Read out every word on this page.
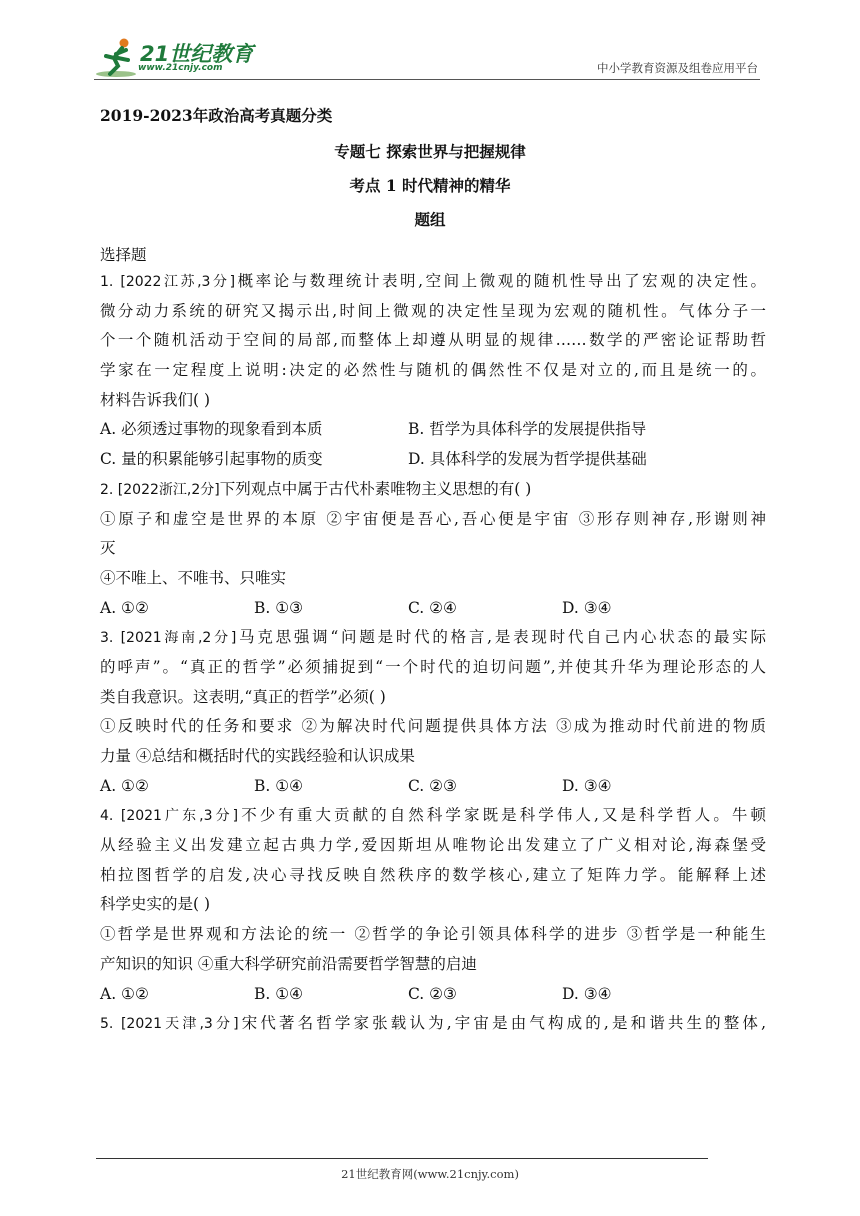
21世纪教育
www.21cnjy.com	中小学教育资源及组卷应用平台
2019-2023年政治高考真题分类
专题七 探索世界与把握规律
考点 1 时代精神的精华
题组
选择题
1. [2022江苏,3分]概率论与数理统计表明,空间上微观的随机性导出了宏观的决定性。
微分动力系统的研究又揭示出,时间上微观的决定性呈现为宏观的随机性。气体分子一
个一个随机活动于空间的局部,而整体上却遵从明显的规律……数学的严密论证帮助哲
学家在一定程度上说明:决定的必然性与随机的偶然性不仅是对立的,而且是统一的。
材料告诉我们( )
A. 必须透过事物的现象看到本质	B. 哲学为具体科学的发展提供指导
C. 量的积累能够引起事物的质变	D. 具体科学的发展为哲学提供基础
2. [2022浙江,2分]下列观点中属于古代朴素唯物主义思想的有( )
①原子和虚空是世界的本原 ②宇宙便是吾心,吾心便是宇宙 ③形存则神存,形谢则神
灭
④不唯上、不唯书、只唯实
A. ①②	B. ①③	C. ②④	D. ③④
3. [2021海南,2分]马克思强调“问题是时代的格言,是表现时代自己内心状态的最实际
的呼声”。“真正的哲学”必须捕捉到“一个时代的迫切问题”,并使其升华为理论形态的人
类自我意识。这表明,“真正的哲学”必须( )
①反映时代的任务和要求 ②为解决时代问题提供具体方法 ③成为推动时代前进的物质
力量 ④总结和概括时代的实践经验和认识成果
A. ①②	B. ①④	C. ②③	D. ③④
4. [2021广东,3分]不少有重大贡献的自然科学家既是科学伟人,又是科学哲人。牛顿
从经验主义出发建立起古典力学,爱因斯坦从唯物论出发建立了广义相对论,海森堡受
柏拉图哲学的启发,决心寻找反映自然秩序的数学核心,建立了矩阵力学。能解释上述
科学史实的是( )
①哲学是世界观和方法论的统一 ②哲学的争论引领具体科学的进步 ③哲学是一种能生
产知识的知识 ④重大科学研究前沿需要哲学智慧的启迪
A. ①②	B. ①④	C. ②③	D. ③④
5. [2021天津,3分]宋代著名哲学家张载认为,宇宙是由气构成的,是和谐共生的整体,
21世纪教育网(www.21cnjy.com)
